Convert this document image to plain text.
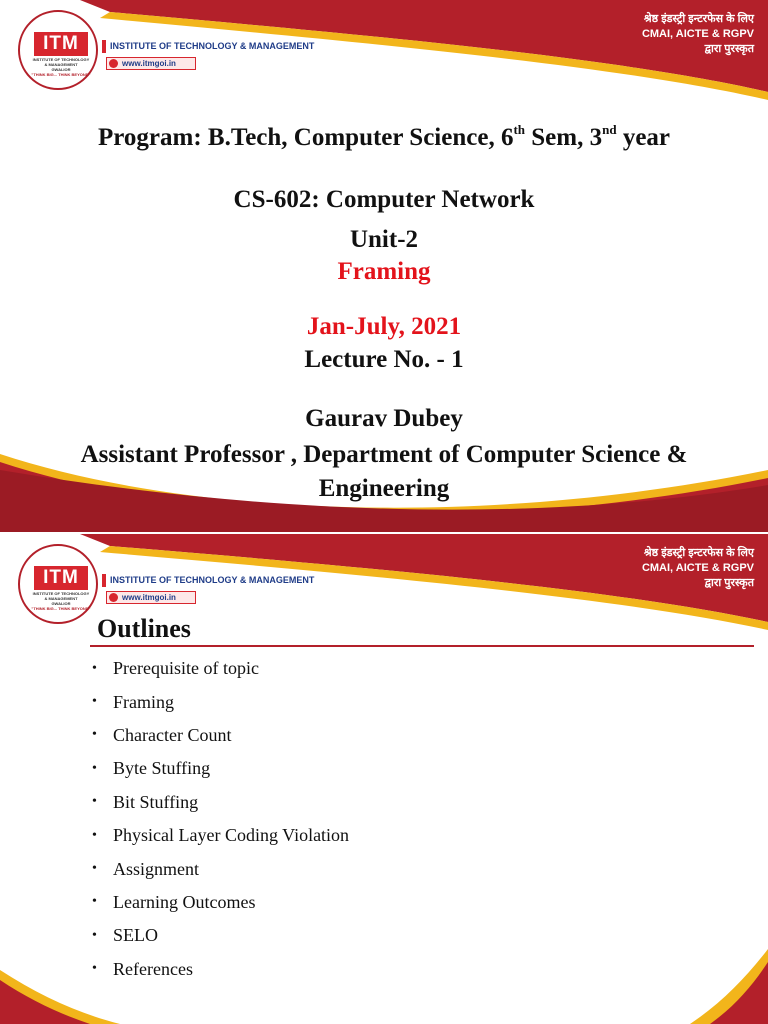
ITM
INSTITUTE OF TECHNOLOGY
& MANAGEMENT
GWALIOR
"THINK BIG... THINK BEYOND"
INSTITUTE OF TECHNOLOGY & MANAGEMENT
www.itmgoi.in
श्रेष्ठ इंडस्ट्री इन्टरफेस के लिए
CMAI, AICTE & RGPV
द्वारा पुरस्कृत
Program: B.Tech, Computer Science, 6th Sem, 3nd year
CS-602: Computer Network
Unit-2
Framing
Jan-July, 2021
Lecture No. - 1
Gaurav Dubey
Assistant Professor , Department of Computer Science & Engineering
ITM
INSTITUTE OF TECHNOLOGY
& MANAGEMENT
GWALIOR
"THINK BIG... THINK BEYOND"
INSTITUTE OF TECHNOLOGY & MANAGEMENT
www.itmgoi.in
श्रेष्ठ इंडस्ट्री इन्टरफेस के लिए
CMAI, AICTE & RGPV
द्वारा पुरस्कृत
Outlines
• Prerequisite of topic
• Framing
• Character Count
• Byte Stuffing
• Bit Stuffing
• Physical Layer Coding Violation
• Assignment
• Learning Outcomes
• SELO
• References
